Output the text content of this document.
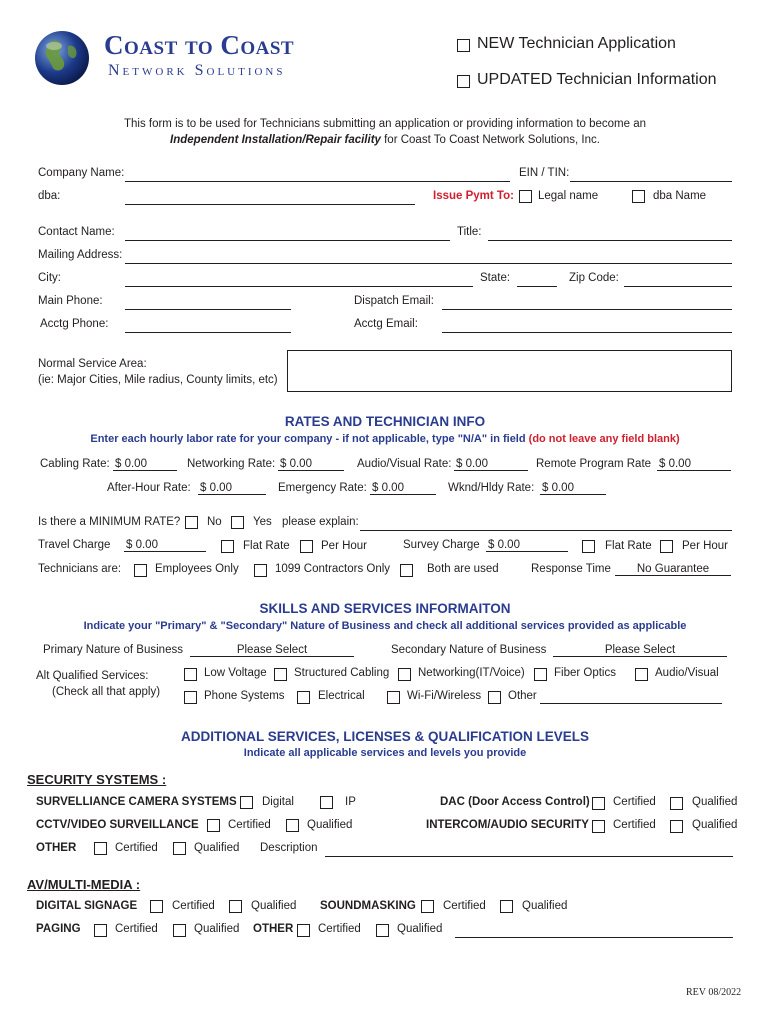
Coast to Coast
Network Solutions
NEW Technician Application
UPDATED Technician Information
This form is to be used for Technicians submitting an application or providing information to become an
Independent Installation/Repair facility for Coast To Coast Network Solutions, Inc.
Company Name:	EIN / TIN:
dba:	Issue Pymt To: Legal name	dba Name
Contact Name:	Title:
Mailing Address:
City:	State:	Zip Code:
Main Phone:	Dispatch Email:
Acctg Phone:	Acctg Email:
Normal Service Area:
(ie: Major Cities, Mile radius, County limits, etc)
RATES AND TECHNICIAN INFO
Enter each hourly labor rate for your company - if not applicable, type "N/A" in field (do not leave any field blank)
Cabling Rate: $ 0.00	Networking Rate: $ 0.00	Audio/Visual Rate: $ 0.00	Remote Program Rate $ 0.00
After-Hour Rate: $ 0.00	Emergency Rate: $ 0.00	Wknd/Hldy Rate: $ 0.00
Is there a MINIMUM RATE? No	Yes please explain:
Travel Charge $ 0.00	Flat Rate	Per Hour	Survey Charge $ 0.00	Flat Rate	Per Hour
Technicians are:	Employees Only	1099 Contractors Only	Both are used	Response Time	No Guarantee
SKILLS AND SERVICES INFORMAITON
Indicate your "Primary" & "Secondary" Nature of Business and check all additional services provided as applicable
Primary Nature of Business	Please Select	Secondary Nature of Business	Please Select
Alt Qualified Services:
(Check all that apply)
Low Voltage Structured Cabling	Networking(IT/Voice)	Fiber Optics	Audio/Visual
Phone Systems	Electrical	Wi-Fi/Wireless Other
ADDITIONAL SERVICES, LICENSES & QUALIFICATION LEVELS
Indicate all applicable services and levels you provide
SECURITY SYSTEMS :
SURVELLIANCE CAMERA SYSTEMS Digital	IP	DAC (Door Access Control) Certified	Qualified
CCTV/VIDEO SURVEILLANCE	Certified	Qualified	INTERCOM/AUDIO SECURITY Certified	Qualified
OTHER	Certified	Qualified Description
AV/MULTI-MEDIA :
DIGITAL SIGNAGE	Certified	Qualified SOUNDMASKING Certified	Qualified
PAGING	Certified	Qualified OTHER Certified	Qualified
REV 08/2022
